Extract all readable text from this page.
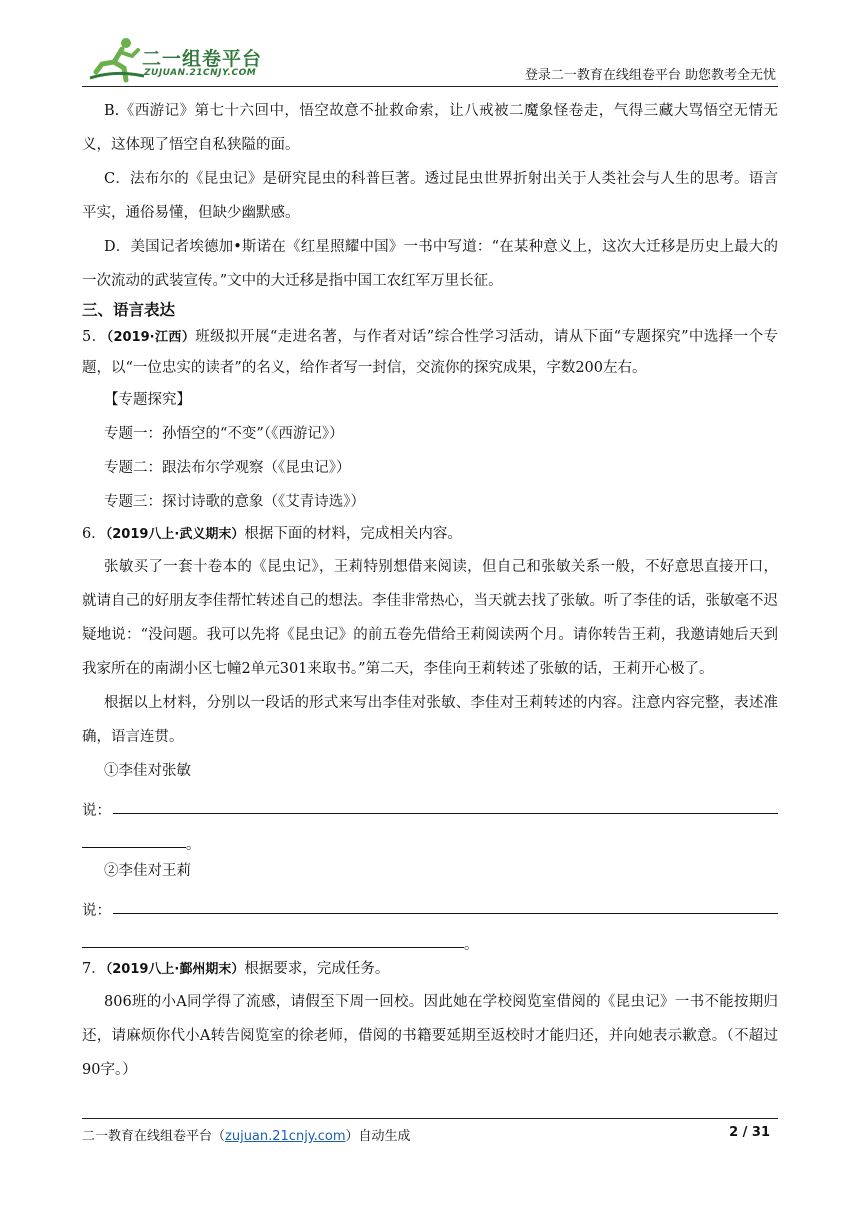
二一组卷平台
ZUJUAN.21CNJY.COM	登录二一教育在线组卷平台 助您教考全无忧

B.《西游记》第七十六回中，悟空故意不扯救命索，让八戒被二魔象怪卷走，气得三藏大骂悟空无情无义，这体现了悟空自私狭隘的面。

C．法布尔的《昆虫记》是研究昆虫的科普巨著。透过昆虫世界折射出关于人类社会与人生的思考。语言平实，通俗易懂，但缺少幽默感。

D．美国记者埃德加•斯诺在《红星照耀中国》一书中写道：“在某种意义上，这次大迁移是历史上最大的一次流动的武装宣传。”文中的大迁移是指中国工农红军万里长征。

三、语言表达

5．（2019·江西）班级拟开展“走进名著，与作者对话”综合性学习活动，请从下面“专题探究”中选择一个专题，以“一位忠实的读者”的名义，给作者写一封信，交流你的探究成果，字数200左右。

【专题探究】

专题一：孙悟空的“不变”（《西游记》）

专题二：跟法布尔学观察（《昆虫记》）

专题三：探讨诗歌的意象（《艾青诗选》）

6．（2019八上·武义期末）根据下面的材料，完成相关内容。

张敏买了一套十卷本的《昆虫记》，王莉特别想借来阅读，但自己和张敏关系一般，不好意思直接开口，就请自己的好朋友李佳帮忙转述自己的想法。李佳非常热心，当天就去找了张敏。听了李佳的话，张敏毫不迟疑地说：“没问题。我可以先将《昆虫记》的前五卷先借给王莉阅读两个月。请你转告王莉，我邀请她后天到我家所在的南湖小区七幢2单元301来取书。”第二天，李佳向王莉转述了张敏的话，王莉开心极了。

根据以上材料，分别以一段话的形式来写出李佳对张敏、李佳对王莉转述的内容。注意内容完整，表述准确，语言连贯。

①李佳对张敏

说：
。

②李佳对王莉

说：
。

7．（2019八上·鄞州期末）根据要求，完成任务。

806班的小A同学得了流感，请假至下周一回校。因此她在学校阅览室借阅的《昆虫记》一书不能按期归还，请麻烦你代小A转告阅览室的徐老师，借阅的书籍要延期至返校时才能归还，并向她表示歉意。（不超过90字。）

二一教育在线组卷平台（zujuan.21cnjy.com）自动生成	2 / 31
